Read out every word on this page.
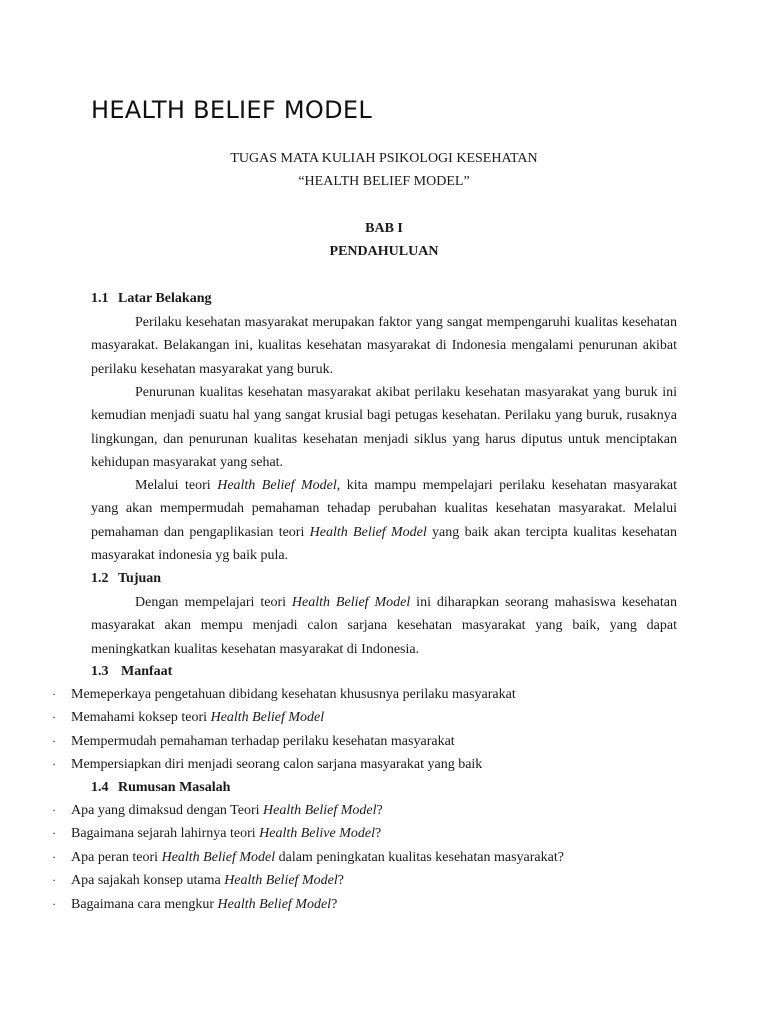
HEALTH BELIEF MODEL

TUGAS MATA KULIAH PSIKOLOGI KESEHATAN

“HEALTH BELIEF MODEL”

BAB I

PENDAHULUAN

1.1 Latar Belakang

Perilaku kesehatan masyarakat merupakan faktor yang sangat mempengaruhi kualitas kesehatan masyarakat. Belakangan ini, kualitas kesehatan masyarakat di Indonesia mengalami penurunan akibat perilaku kesehatan masyarakat yang buruk.

Penurunan kualitas kesehatan masyarakat akibat perilaku kesehatan masyarakat yang buruk ini kemudian menjadi suatu hal yang sangat krusial bagi petugas kesehatan. Perilaku yang buruk, rusaknya lingkungan, dan penurunan kualitas kesehatan menjadi siklus yang harus diputus untuk menciptakan kehidupan masyarakat yang sehat.

Melalui teori Health Belief Model, kita mampu mempelajari perilaku kesehatan masyarakat yang akan mempermudah pemahaman tehadap perubahan kualitas kesehatan masyarakat. Melalui pemahaman dan pengaplikasian teori Health Belief Model yang baik akan tercipta kualitas kesehatan masyarakat indonesia yg baik pula.

1.2 Tujuan

Dengan mempelajari teori Health Belief Model ini diharapkan seorang mahasiswa kesehatan masyarakat akan mempu menjadi calon sarjana kesehatan masyarakat yang baik, yang dapat meningkatkan kualitas kesehatan masyarakat di Indonesia.

1.3 Manfaat

· Memeperkaya pengetahuan dibidang kesehatan khususnya perilaku masyarakat
· Memahami koksep teori Health Belief Model
· Mempermudah pemahaman terhadap perilaku kesehatan masyarakat
· Mempersiapkan diri menjadi seorang calon sarjana masyarakat yang baik

1.4 Rumusan Masalah

· Apa yang dimaksud dengan Teori Health Belief Model?
· Bagaimana sejarah lahirnya teori Health Belive Model?
· Apa peran teori Health Belief Model dalam peningkatan kualitas kesehatan masyarakat?
· Apa sajakah konsep utama Health Belief Model?
· Bagaimana cara mengkur Health Belief Model?
